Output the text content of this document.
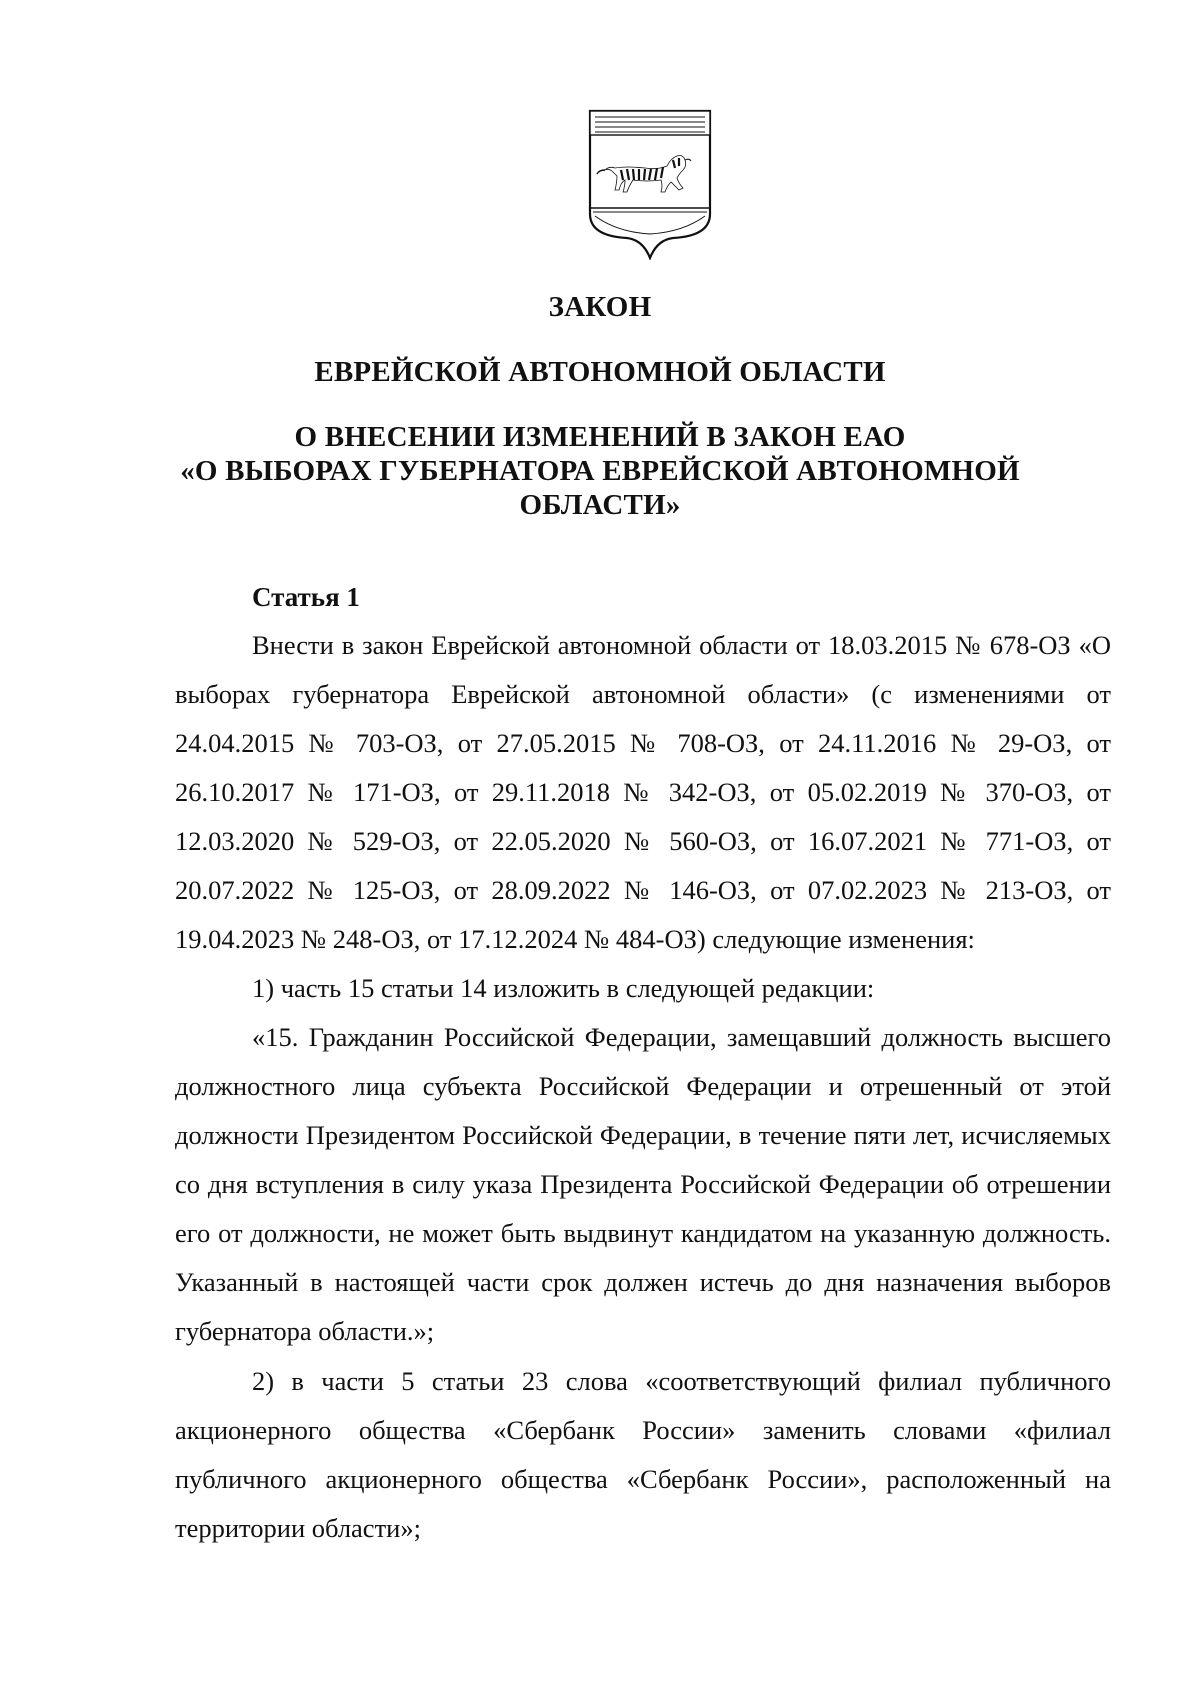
ЗАКОН
ЕВРЕЙСКОЙ АВТОНОМНОЙ ОБЛАСТИ
О ВНЕСЕНИИ ИЗМЕНЕНИЙ В ЗАКОН ЕАО
«О ВЫБОРАХ ГУБЕРНАТОРА ЕВРЕЙСКОЙ АВТОНОМНОЙ
ОБЛАСТИ»
Статья 1
Внести в закон Еврейской автономной области от 18.03.2015 № 678-ОЗ «О выборах губернатора Еврейской автономной области» (с изменениями от 24.04.2015 № 703-ОЗ, от 27.05.2015 № 708-ОЗ, от 24.11.2016 № 29-ОЗ, от 26.10.2017 № 171-ОЗ, от 29.11.2018 № 342-ОЗ, от 05.02.2019 № 370-ОЗ, от 12.03.2020 № 529-ОЗ, от 22.05.2020 № 560-ОЗ, от 16.07.2021 № 771-ОЗ, от 20.07.2022 № 125-ОЗ, от 28.09.2022 № 146-ОЗ, от 07.02.2023 № 213-ОЗ, от 19.04.2023 № 248-ОЗ, от 17.12.2024 № 484-ОЗ) следующие изменения:
1) часть 15 статьи 14 изложить в следующей редакции:
«15. Гражданин Российской Федерации, замещавший должность высшего должностного лица субъекта Российской Федерации и отрешенный от этой должности Президентом Российской Федерации, в течение пяти лет, исчисляемых со дня вступления в силу указа Президента Российской Федерации об отрешении его от должности, не может быть выдвинут кандидатом на указанную должность. Указанный в настоящей части срок должен истечь до дня назначения выборов губернатора области.»;
2) в части 5 статьи 23 слова «соответствующий филиал публичного акционерного общества «Сбербанк России» заменить словами «филиал публичного акционерного общества «Сбербанк России», расположенный на территории области»;
